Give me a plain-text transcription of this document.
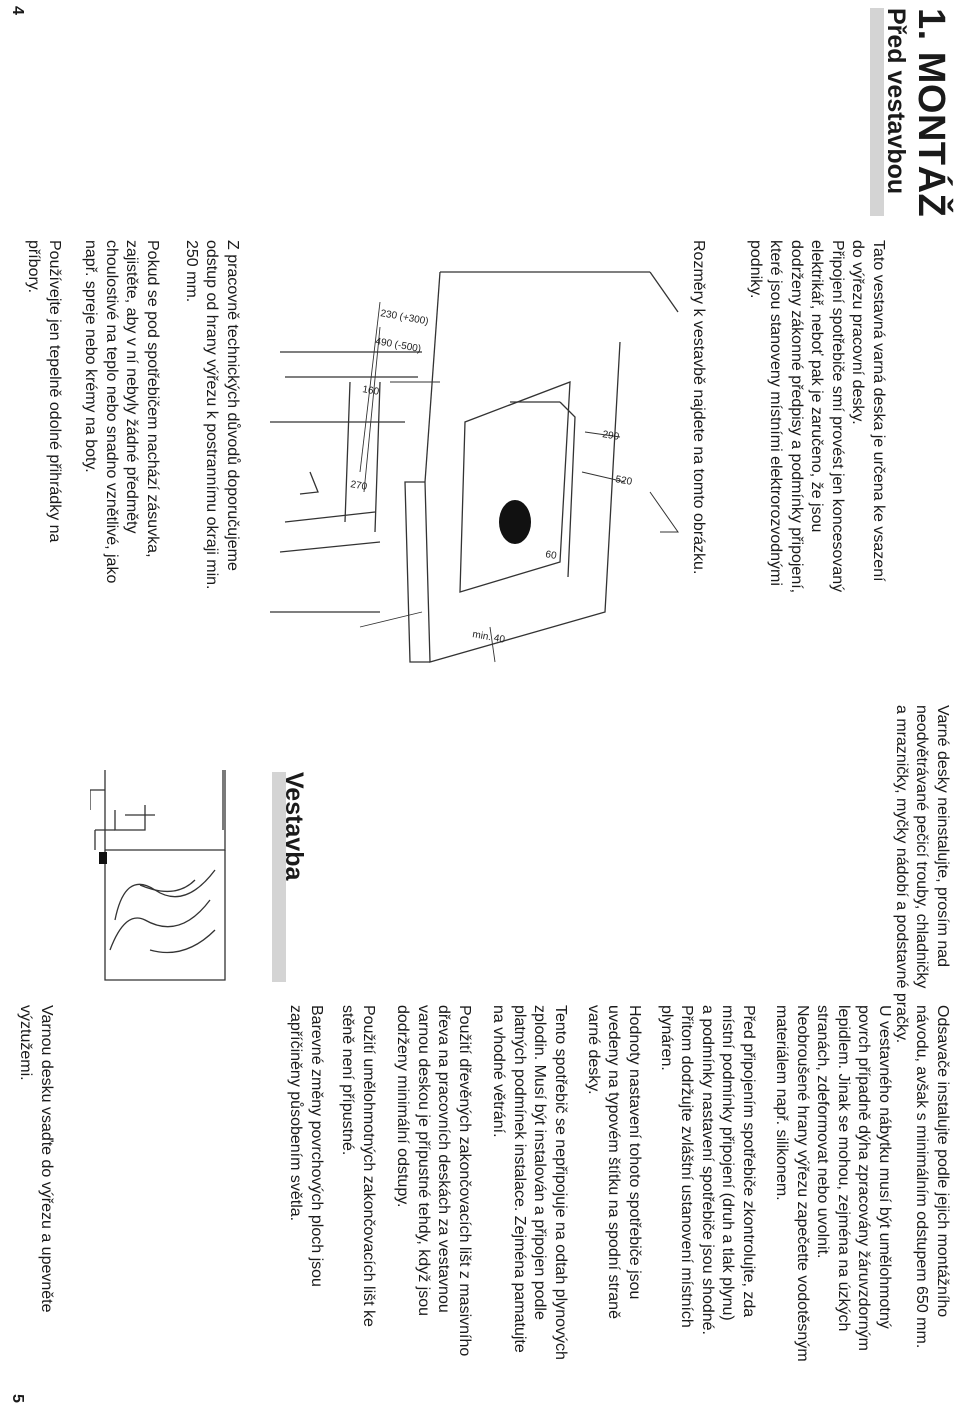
4	1. MONTÁŽ
Před vestavbou
Tato vestavná varná deska je určena ke vsazení
do výřezu pracovní desky.
Připojení spotřebiče smí provést jen koncesovaný
elektrikář, neboť pak je zaručeno, že jsou
dodrženy zákonné předpisy a podmínky připojení,
které jsou stanoveny místními elektrorozvodnými
podniky.
Rozměry k vestavbě najdete na tomto obrázku.
290
520
60
min. 40
270
160
490 (-500)
230 (+300)
Z pracovně technických důvodů doporučujeme
odstup od hrany výřezu k postrannímu okraji min.
250 mm.
Pokud se pod spotřebičem nachází zásuvka,
zajistěte, aby v ní nebyly žádné předměty
choulostivé na teplo nebo snadno vznětlivé, jako
např. spreje nebo krémy na boty.
Používejte jen tepelně odolné přihrádky na
příbory.
5
Varné desky neinstalujte, prosím nad
neodvětrávané pečicí trouby, chladničky
a mrazničky, myčky nádobí a podstavné pračky.	Odsavače instalujte podle jejich montážního
návodu, avšak s minimálním odstupem 650 mm.
U vestavného nábytku musí být umělohmotný
povrch případně dýha zpracovány žáruvzdorným
lepidlem. Jinak se mohou, zejména na úzkých
stranách, zdeformovat nebo uvolnit.
Neobroušené hrany výřezu zapečette vodotěsným
materiálem např. silikonem.
Před připojením spotřebiče zkontrolujte, zda
místní podmínky připojení (druh a tlak plynu)
a podmínky nastavení spotřebiče jsou shodné.
Přitom dodržujte zvláštní ustanovení místních
plynáren.
Hodnoty nastavení tohoto spotřebiče jsou
uvedeny na typovém štítku na spodní straně
varné desky.
Tento spotřebič se nepřipojuje na odtah plynových
zplodin. Musí být instalován a připojen podle
platných podmínek instalace. Zejména pamatujte
na vhodné větrání.
Použití dřevěných zakončovacích lišt z masivního
dřeva na pracovních deskách za vestavnou
varnou deskou je přípustné tehdy, když jsou
dodrženy minimální odstupy.
Použití umělohmotných zakončovacích lišt ke
stěně není přípustné.
Barevné změny povrchových ploch jsou
zapříčiněny působením světla.
Vestavba
Varnou desku vsaďte do výřezu a upevněte
výztužemi.
